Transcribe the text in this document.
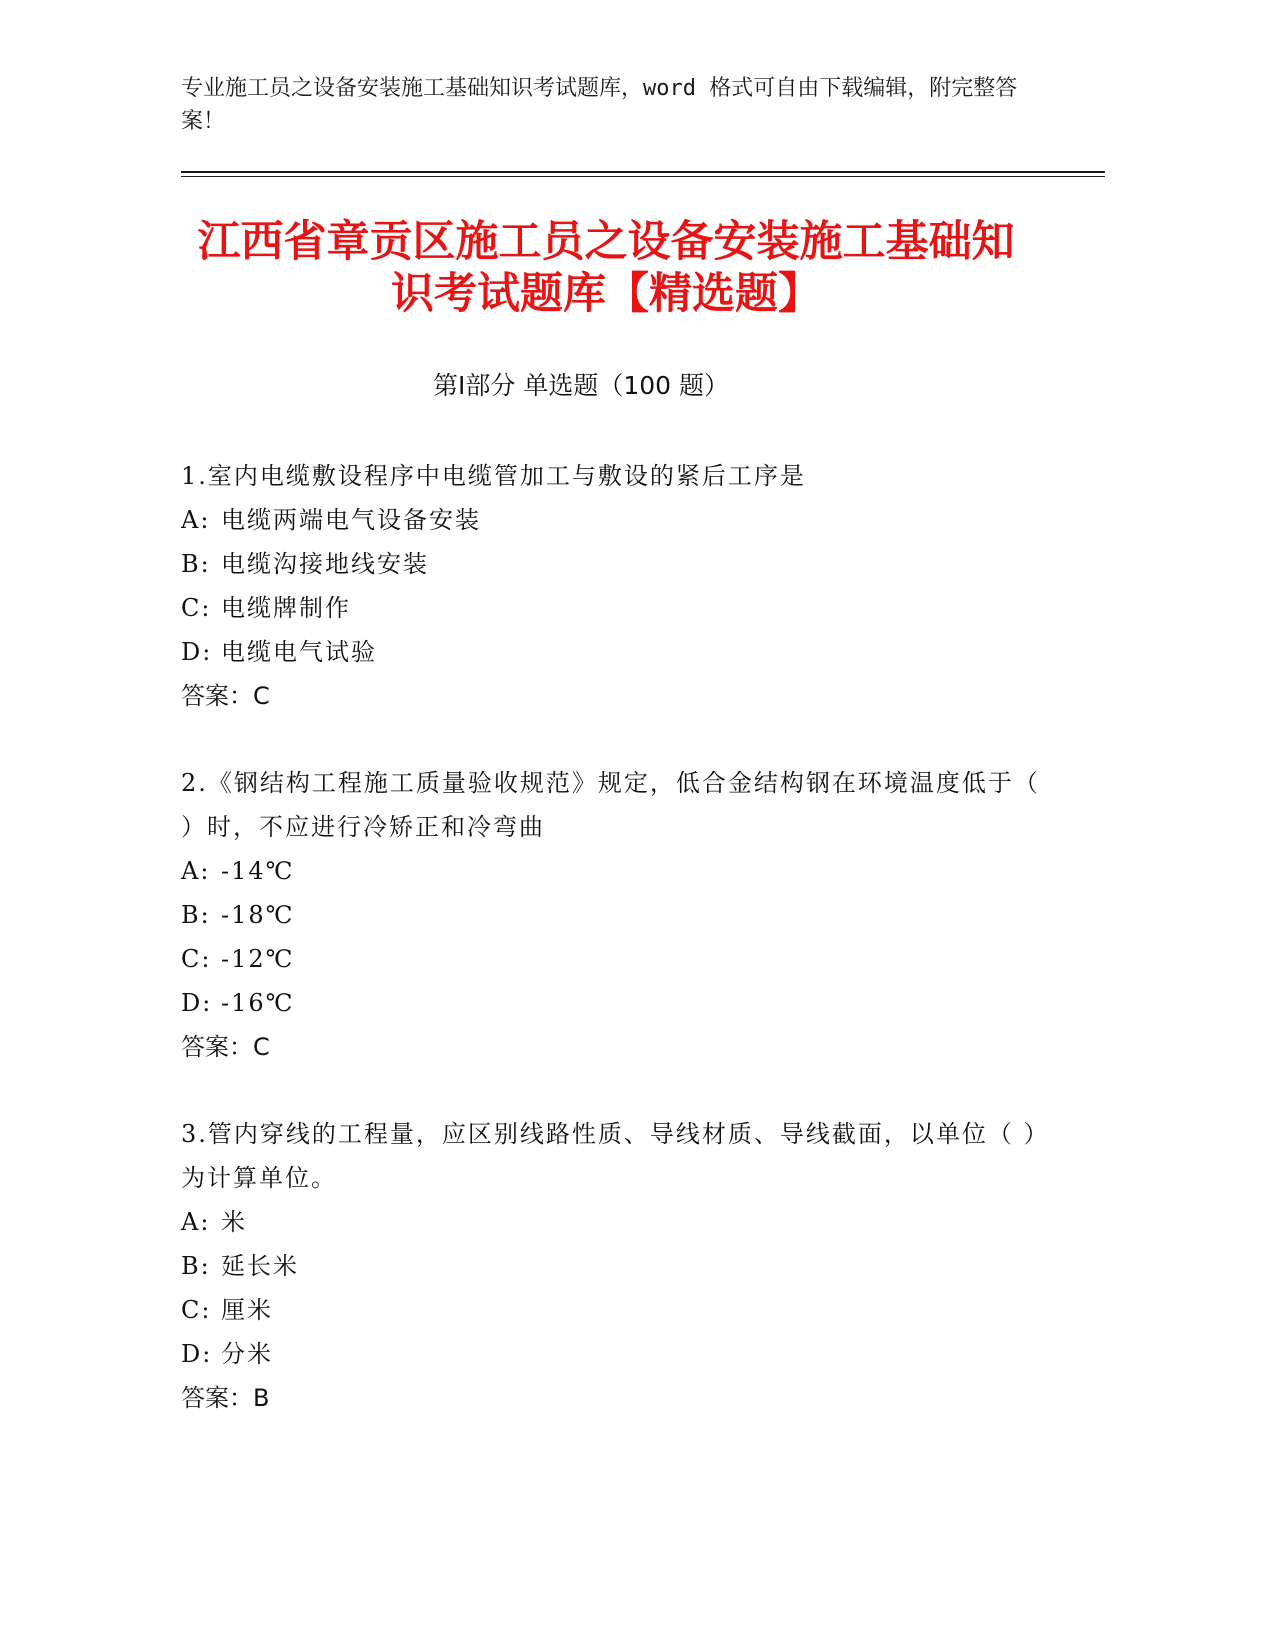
专业施工员之设备安装施工基础知识考试题库，word 格式可自由下载编辑，附完整答案！
江西省章贡区施工员之设备安装施工基础知识考试题库【精选题】
第Ⅰ部分 单选题（100 题）
1.室内电缆敷设程序中电缆管加工与敷设的紧后工序是
A: 电缆两端电气设备安装
B: 电缆沟接地线安装
C: 电缆牌制作
D: 电缆电气试验
答案：C
2.《钢结构工程施工质量验收规范》规定，低合金结构钢在环境温度低于（ ）时，不应进行冷矫正和冷弯曲
A: -14℃
B: -18℃
C: -12℃
D: -16℃
答案：C
3.管内穿线的工程量，应区别线路性质、导线材质、导线截面，以单位（ ）为计算单位。
A: 米
B: 延长米
C: 厘米
D: 分米
答案：B
